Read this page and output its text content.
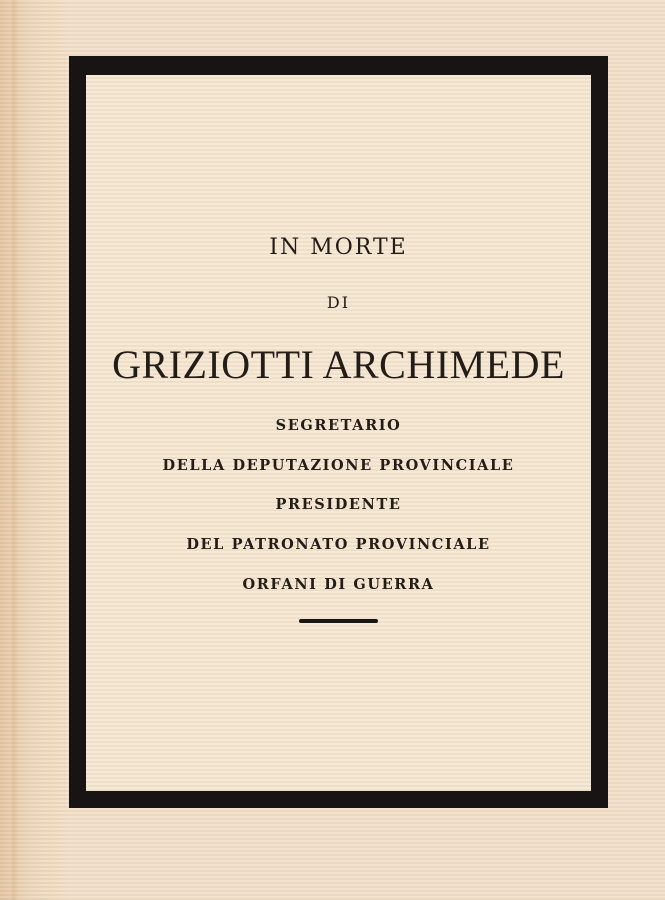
IN MORTE
DI
GRIZIOTTI ARCHIMEDE
SEGRETARIO
DELLA DEPUTAZIONE PROVINCIALE
PRESIDENTE
DEL PATRONATO PROVINCIALE
ORFANI DI GUERRA
